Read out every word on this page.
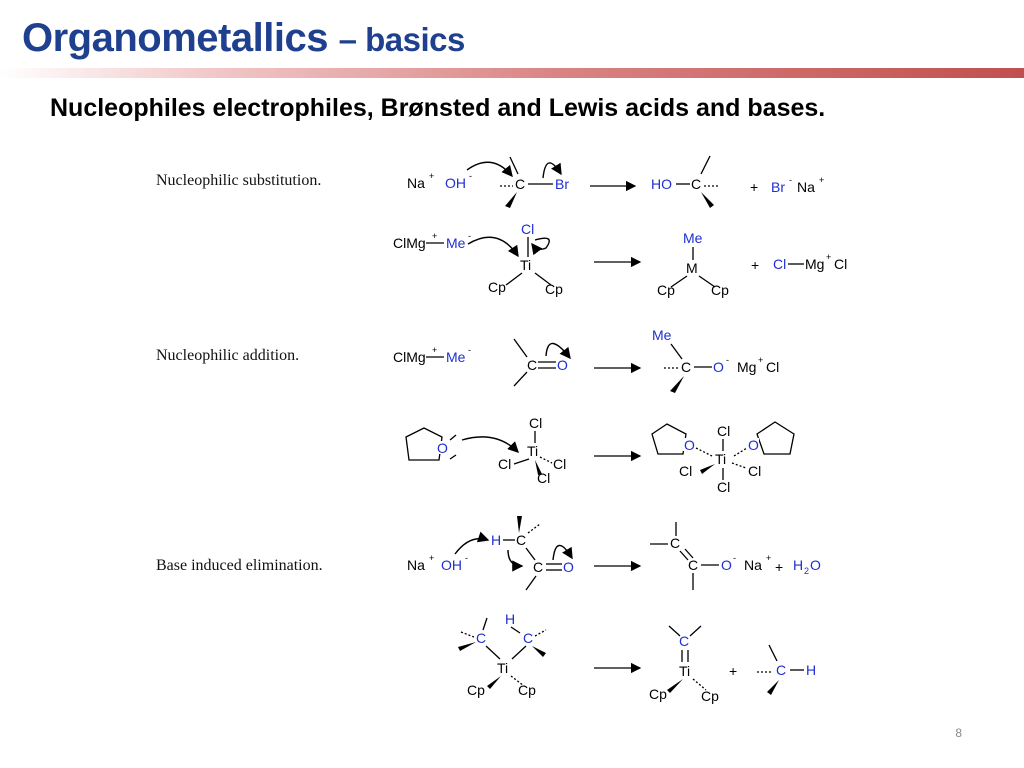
Organometallics – basics
Nucleophiles electrophiles, Brønsted and Lewis acids and bases.
Nucleophilic substitution.
Nucleophilic addition.
Base induced elimination.
Na + OH -	C Br	HO C	+ Br - Na +
ClMg + Me -	Cl
Ti
Cp	Cp
Me
M
Cp	Cp
+ Cl Mg + Cl
ClMg + Me -
C O
Me
C O - Mg + Cl
O
Cl
Ti
Cl	Cl
Cl
O	O
Cl
Ti
Cl	Cl
Cl
Na + OH -
H C
C O
C
C O - Na +
+ H 2 O
H
C	C
Ti
Cp Cp
C
Ti
Cp Cp
+	C H
8
